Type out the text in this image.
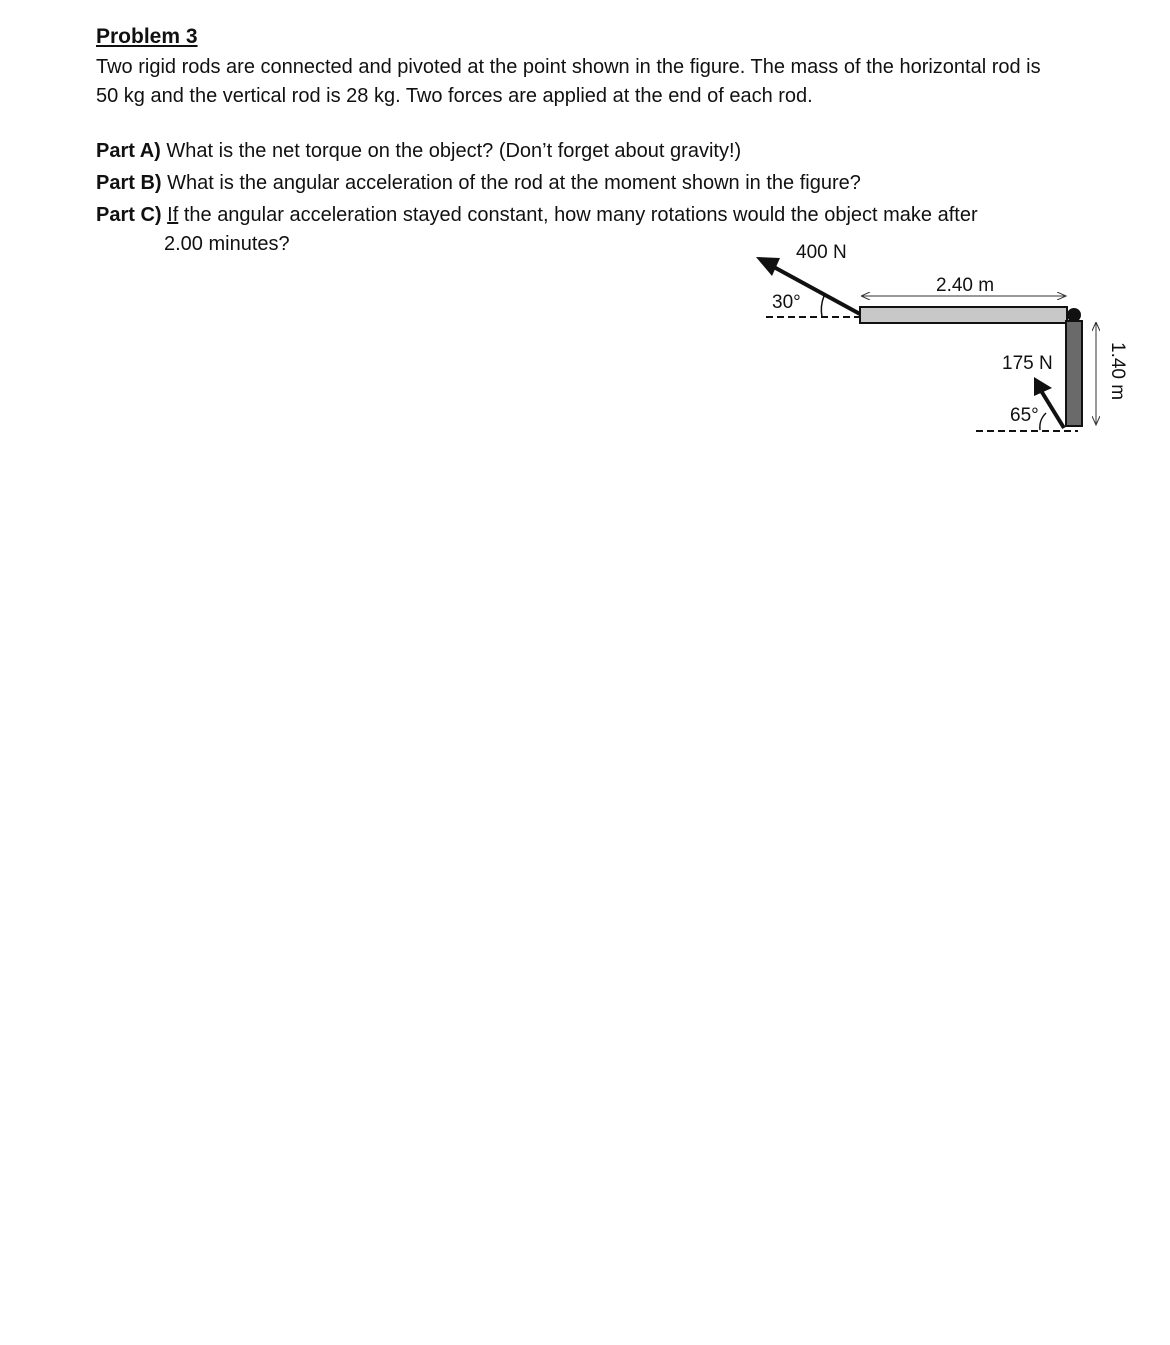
Problem 3

Two rigid rods are connected and pivoted at the point shown in the figure. The mass of the horizontal rod is 50 kg and the vertical rod is 28 kg. Two forces are applied at the end of each rod.

Part A) What is the net torque on the object? (Don’t forget about gravity!)
Part B) What is the angular acceleration of the rod at the moment shown in the figure?
Part C) If the angular acceleration stayed constant, how many rotations would the object make after
2.00 minutes?	400 N
30°
2.40 m
175 N
65°
1.40 m
